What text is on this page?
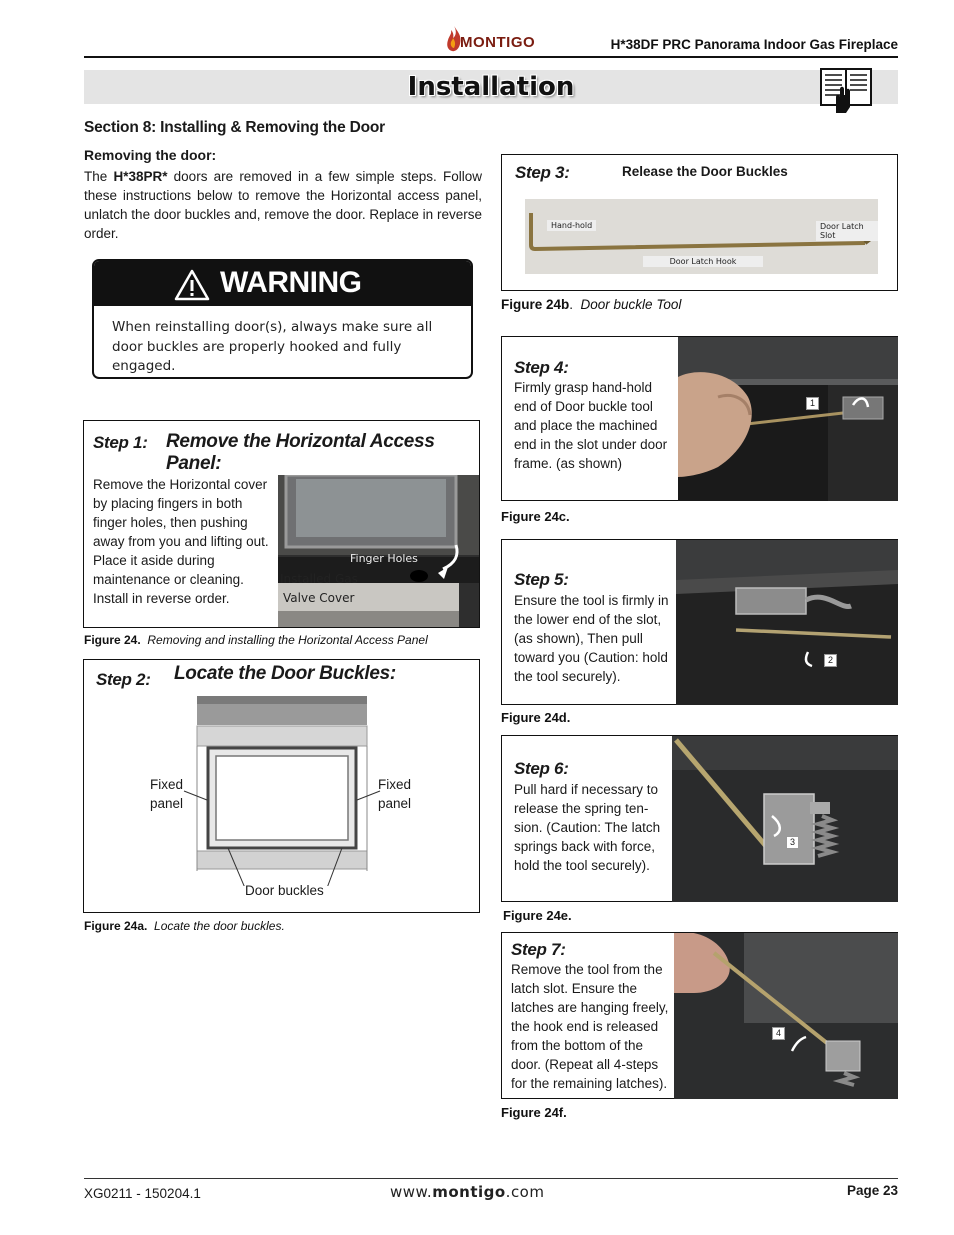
MONTIGO	H*38DF PRC Panorama Indoor Gas Fireplace
Installation
Section 8: Installing & Removing the Door
Removing the door:
The H*38PR* doors are removed in a few simple steps. Follow these instructions below to remove the Horizontal access panel, unlatch the door buckles and, remove the door. Replace in reverse order.
WARNING
When reinstalling door(s), always make sure all door buckles are properly hooked and fully engaged.
Step 1: Remove the Horizontal Access Panel:
Remove the Horizontal cover by placing fingers in both finger holes, then pushing away from you and lifting out. Place it aside during maintenance or cleaning.
Install in reverse order.
Finger Holes
Installed Gas
Valve Cover
Figure 24. Removing and installing the Horizontal Access Panel
Step 2: Locate the Door Buckles:
Fixed
panel
Fixed
panel
Door buckles
Figure 24a. Locate the door buckles.
Step 3:	Release the Door Buckles
Hand-hold	Door Latch Slot
Door Latch Hook
Figure 24b.  Door buckle Tool
Step 4:
Firmly grasp hand-hold end of Door buckle tool and place the machined end in the slot under door frame. (as shown)
1
Figure 24c.
Step 5:
Ensure the tool is firmly in the lower end of the slot, (as shown), Then pull toward you (Caution: hold the tool securely).
2
Figure 24d.
Step 6:
Pull hard if necessary to release the spring ten-sion. (Caution: The latch springs back with force, hold the tool securely).
3
Figure 24e.
Step 7:
Remove the tool from the latch slot. Ensure the latches are hanging freely, the hook end is released from the bottom of the door. (Repeat all 4-steps for the remaining latches).
4
Figure 24f.
XG0211 - 150204.1	www.montigo.com	Page 23
